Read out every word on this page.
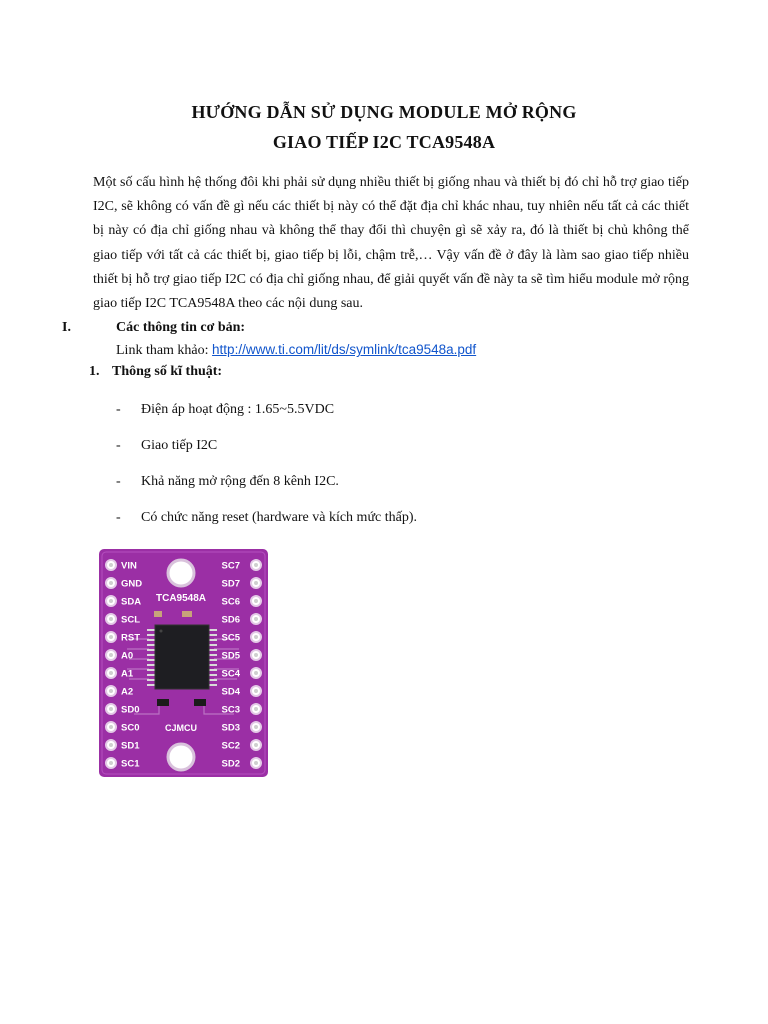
HƯỚNG DẪN SỬ DỤNG MODULE MỞ RỘNG
GIAO TIẾP I2C TCA9548A
Một số cấu hình hệ thống đôi khi phải sử dụng nhiều thiết bị giống nhau và thiết bị đó chỉ hỗ trợ giao tiếp I2C, sẽ không có vấn đề gì nếu các thiết bị này có thể đặt địa chỉ khác nhau, tuy nhiên nếu tất cả các thiết bị này có địa chỉ giống nhau và không thể thay đổi thì chuyện gì sẽ xảy ra, đó là thiết bị chủ không thể giao tiếp với tất cả các thiết bị, giao tiếp bị lỗi, chậm trễ,… Vậy vấn đề ở đây là làm sao giao tiếp nhiều thiết bị hỗ trợ giao tiếp I2C có địa chỉ giống nhau, để giải quyết vấn đề này ta sẽ tìm hiểu module mở rộng giao tiếp I2C TCA9548A theo các nội dung sau.
I.	Các thông tin cơ bản:
Link tham khảo: http://www.ti.com/lit/ds/symlink/tca9548a.pdf
1. Thông số kĩ thuật:
- Điện áp hoạt động : 1.65~5.5VDC
- Giao tiếp I2C
- Khả năng mở rộng đến 8 kênh I2C.
- Có chức năng reset (hardware và kích mức thấp).
TCA9548A
CJMCU
VIN
GND
SDA
SCL
RST
A0
A1
A2
SD0
SC0
SD1
SC1
SC7
SD7
SC6
SD6
SC5
SD5
SC4
SD4
SC3
SD3
SC2
SD2
